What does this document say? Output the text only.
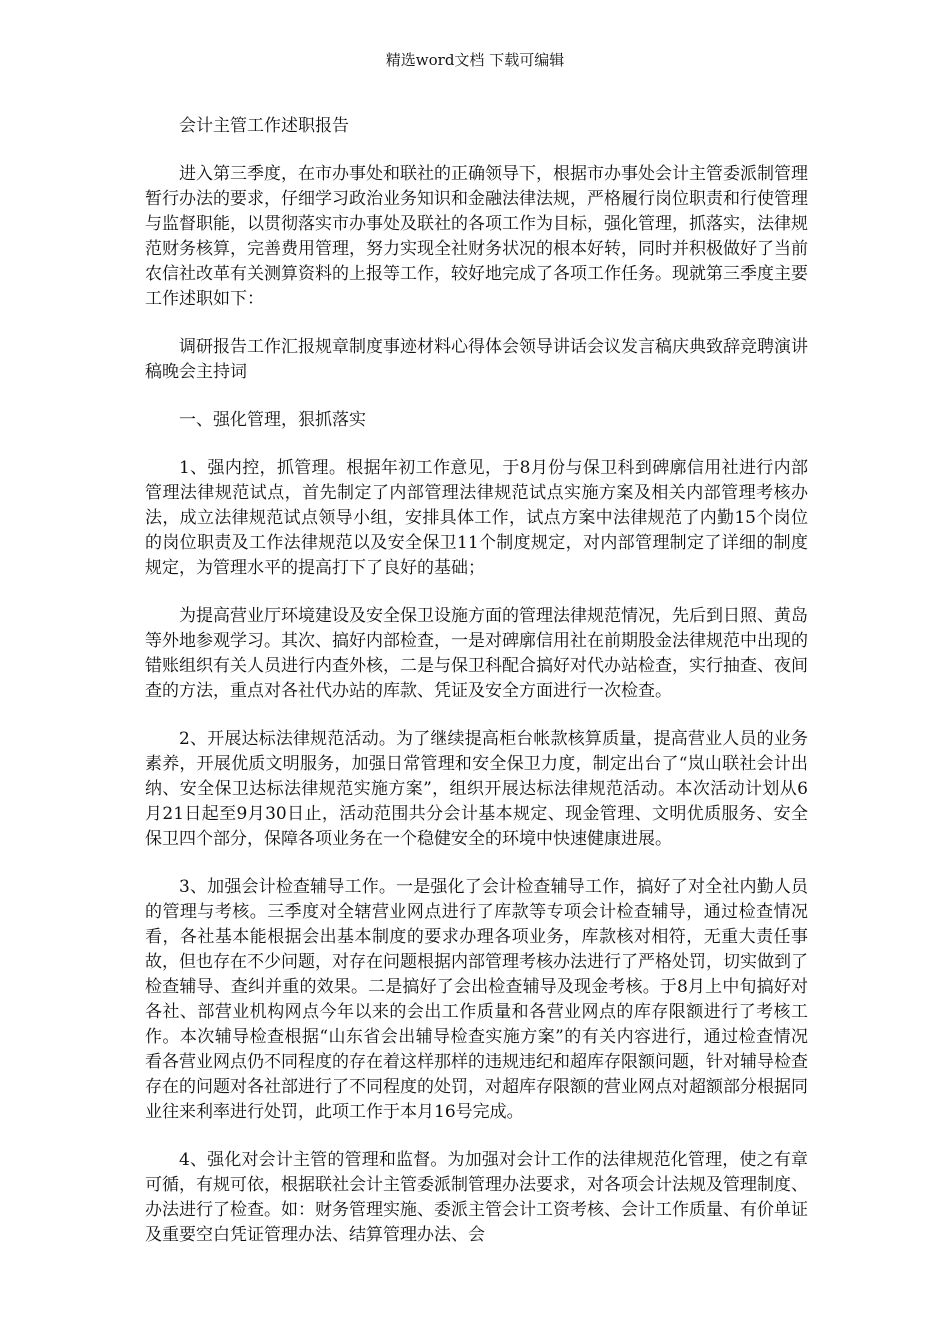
精选word文档 下载可编辑

会计主管工作述职报告

进入第三季度，在市办事处和联社的正确领导下，根据市办事处会计主管委派制管理暂行办法的要求，仔细学习政治业务知识和金融法律法规，严格履行岗位职责和行使管理与监督职能，以贯彻落实市办事处及联社的各项工作为目标，强化管理，抓落实，法律规范财务核算，完善费用管理，努力实现全社财务状况的根本好转，同时并积极做好了当前农信社改革有关测算资料的上报等工作，较好地完成了各项工作任务。现就第三季度主要工作述职如下：

调研报告工作汇报规章制度事迹材料心得体会领导讲话会议发言稿庆典致辞竞聘演讲稿晚会主持词

一、强化管理，狠抓落实

1、强内控，抓管理。根据年初工作意见，于8月份与保卫科到碑廓信用社进行内部管理法律规范试点，首先制定了内部管理法律规范试点实施方案及相关内部管理考核办法，成立法律规范试点领导小组，安排具体工作，试点方案中法律规范了内勤15个岗位的岗位职责及工作法律规范以及安全保卫11个制度规定，对内部管理制定了详细的制度规定，为管理水平的提高打下了良好的基础；

为提高营业厅环境建设及安全保卫设施方面的管理法律规范情况，先后到日照、黄岛等外地参观学习。其次、搞好内部检查，一是对碑廓信用社在前期股金法律规范中出现的错账组织有关人员进行内查外核，二是与保卫科配合搞好对代办站检查，实行抽查、夜间查的方法，重点对各社代办站的库款、凭证及安全方面进行一次检查。

2、开展达标法律规范活动。为了继续提高柜台帐款核算质量，提高营业人员的业务素养，开展优质文明服务，加强日常管理和安全保卫力度，制定出台了“岚山联社会计出纳、安全保卫达标法律规范实施方案”，组织开展达标法律规范活动。本次活动计划从6月21日起至9月30日止，活动范围共分会计基本规定、现金管理、文明优质服务、安全保卫四个部分，保障各项业务在一个稳健安全的环境中快速健康进展。

3、加强会计检查辅导工作。一是强化了会计检查辅导工作，搞好了对全社内勤人员的管理与考核。三季度对全辖营业网点进行了库款等专项会计检查辅导，通过检查情况看，各社基本能根据会出基本制度的要求办理各项业务，库款核对相符，无重大责任事故，但也存在不少问题，对存在问题根据内部管理考核办法进行了严格处罚，切实做到了检查辅导、查纠并重的效果。二是搞好了会出检查辅导及现金考核。于8月上中旬搞好对各社、部营业机构网点今年以来的会出工作质量和各营业网点的库存限额进行了考核工作。本次辅导检查根据“山东省会出辅导检查实施方案”的有关内容进行，通过检查情况看各营业网点仍不同程度的存在着这样那样的违规违纪和超库存限额问题，针对辅导检查存在的问题对各社部进行了不同程度的处罚，对超库存限额的营业网点对超额部分根据同业往来利率进行处罚，此项工作于本月16号完成。

4、强化对会计主管的管理和监督。为加强对会计工作的法律规范化管理，使之有章可循，有规可依，根据联社会计主管委派制管理办法要求，对各项会计法规及管理制度、办法进行了检查。如：财务管理实施、委派主管会计工资考核、会计工作质量、有价单证及重要空白凭证管理办法、结算管理办法、会
